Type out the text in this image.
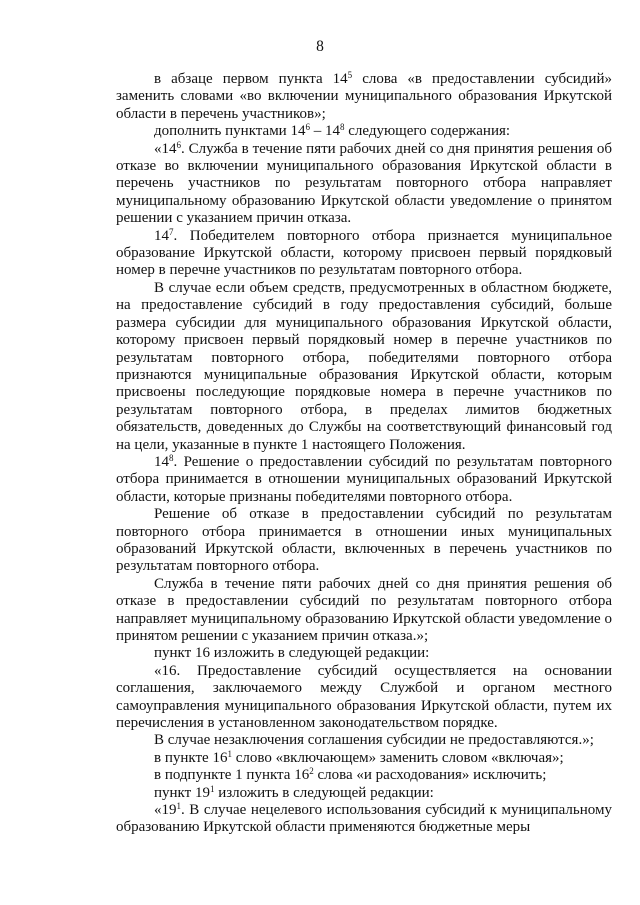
8

в абзаце первом пункта $14^5$ слова «в предоставлении субсидий» заменить словами «во включении муниципального образования Иркутской области в перечень участников»;

дополнить пунктами $14^6 - 14^8$ следующего содержания:

«$14^6$. Служба в течение пяти рабочих дней со дня принятия решения об отказе во включении муниципального образования Иркутской области в перечень участников по результатам повторного отбора направляет муниципальному образованию Иркутской области уведомление о принятом решении с указанием причин отказа.

$14^7$. Победителем повторного отбора признается муниципальное образование Иркутской области, которому присвоен первый порядковый номер в перечне участников по результатам повторного отбора.

В случае если объем средств, предусмотренных в областном бюджете, на предоставление субсидий в году предоставления субсидий, больше размера субсидии для муниципального образования Иркутской области, которому присвоен первый порядковый номер в перечне участников по результатам повторного отбора, победителями повторного отбора признаются муниципальные образования Иркутской области, которым присвоены последующие порядковые номера в перечне участников по результатам повторного отбора, в пределах лимитов бюджетных обязательств, доведенных до Службы на соответствующий финансовый год на цели, указанные в пункте 1 настоящего Положения.

$14^8$. Решение о предоставлении субсидий по результатам повторного отбора принимается в отношении муниципальных образований Иркутской области, которые признаны победителями повторного отбора.

Решение об отказе в предоставлении субсидий по результатам повторного отбора принимается в отношении иных муниципальных образований Иркутской области, включенных в перечень участников по результатам повторного отбора.

Служба в течение пяти рабочих дней со дня принятия решения об отказе в предоставлении субсидий по результатам повторного отбора направляет муниципальному образованию Иркутской области уведомление о принятом решении с указанием причин отказа.»;

пункт 16 изложить в следующей редакции:

«16. Предоставление субсидий осуществляется на основании соглашения, заключаемого между Службой и органом местного самоуправления муниципального образования Иркутской области, путем их перечисления в установленном законодательством порядке.

В случае незаключения соглашения субсидии не предоставляются.»;

в пункте $16^1$ слово «включающем» заменить словом «включая»;

в подпункте 1 пункта $16^2$ слова «и расходования» исключить;

пункт $19^1$ изложить в следующей редакции:

«$19^1$. В случае нецелевого использования субсидий к муниципальному образованию Иркутской области применяются бюджетные меры
